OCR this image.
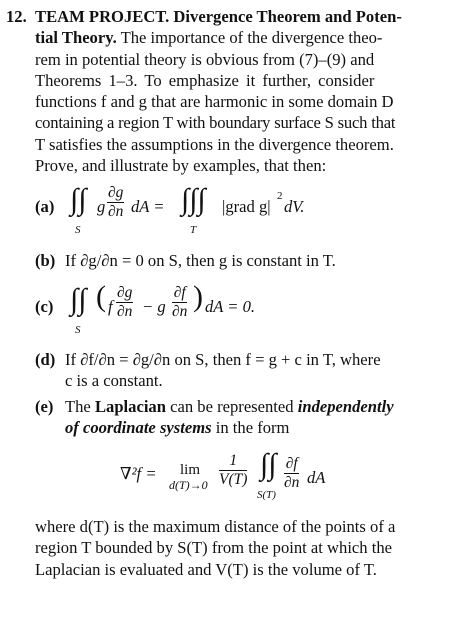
12. TEAM PROJECT. Divergence Theorem and Poten-
tial Theory. The importance of the divergence theo-
rem in potential theory is obvious from (7)–(9) and
Theorems 1–3. To emphasize it further, consider
functions f and g that are harmonic in some domain D
containing a region T with boundary surface S such that
T satisfies the assumptions in the divergence theorem.
Prove, and illustrate by examples, that then:
(a) ∫∫
S
g $\frac{\partial g}{\partial n}$ dA = ∫∫∫
T
|grad g|
2
dV.
(b) If ∂g/∂n = 0 on S, then g is constant in T.
(c) ∫∫
S
( f $\frac{\partial g}{\partial n} - g \frac{\partial f}{\partial n}$ ) dA = 0.
(d) If ∂f/∂n = ∂g/∂n on S, then f = g + c in T, where
c is a constant.
(e) The Laplacian can be represented independently
of coordinate systems in the form
∇²f = lim
$d(T)\to 0 \frac{1}{V(T)}$ ∫∫
S(T)
$\frac{\partial f}{\partial n}$ dA
where d(T) is the maximum distance of the points of a
region T bounded by S(T) from the point at which the
Laplacian is evaluated and V(T) is the volume of T.
